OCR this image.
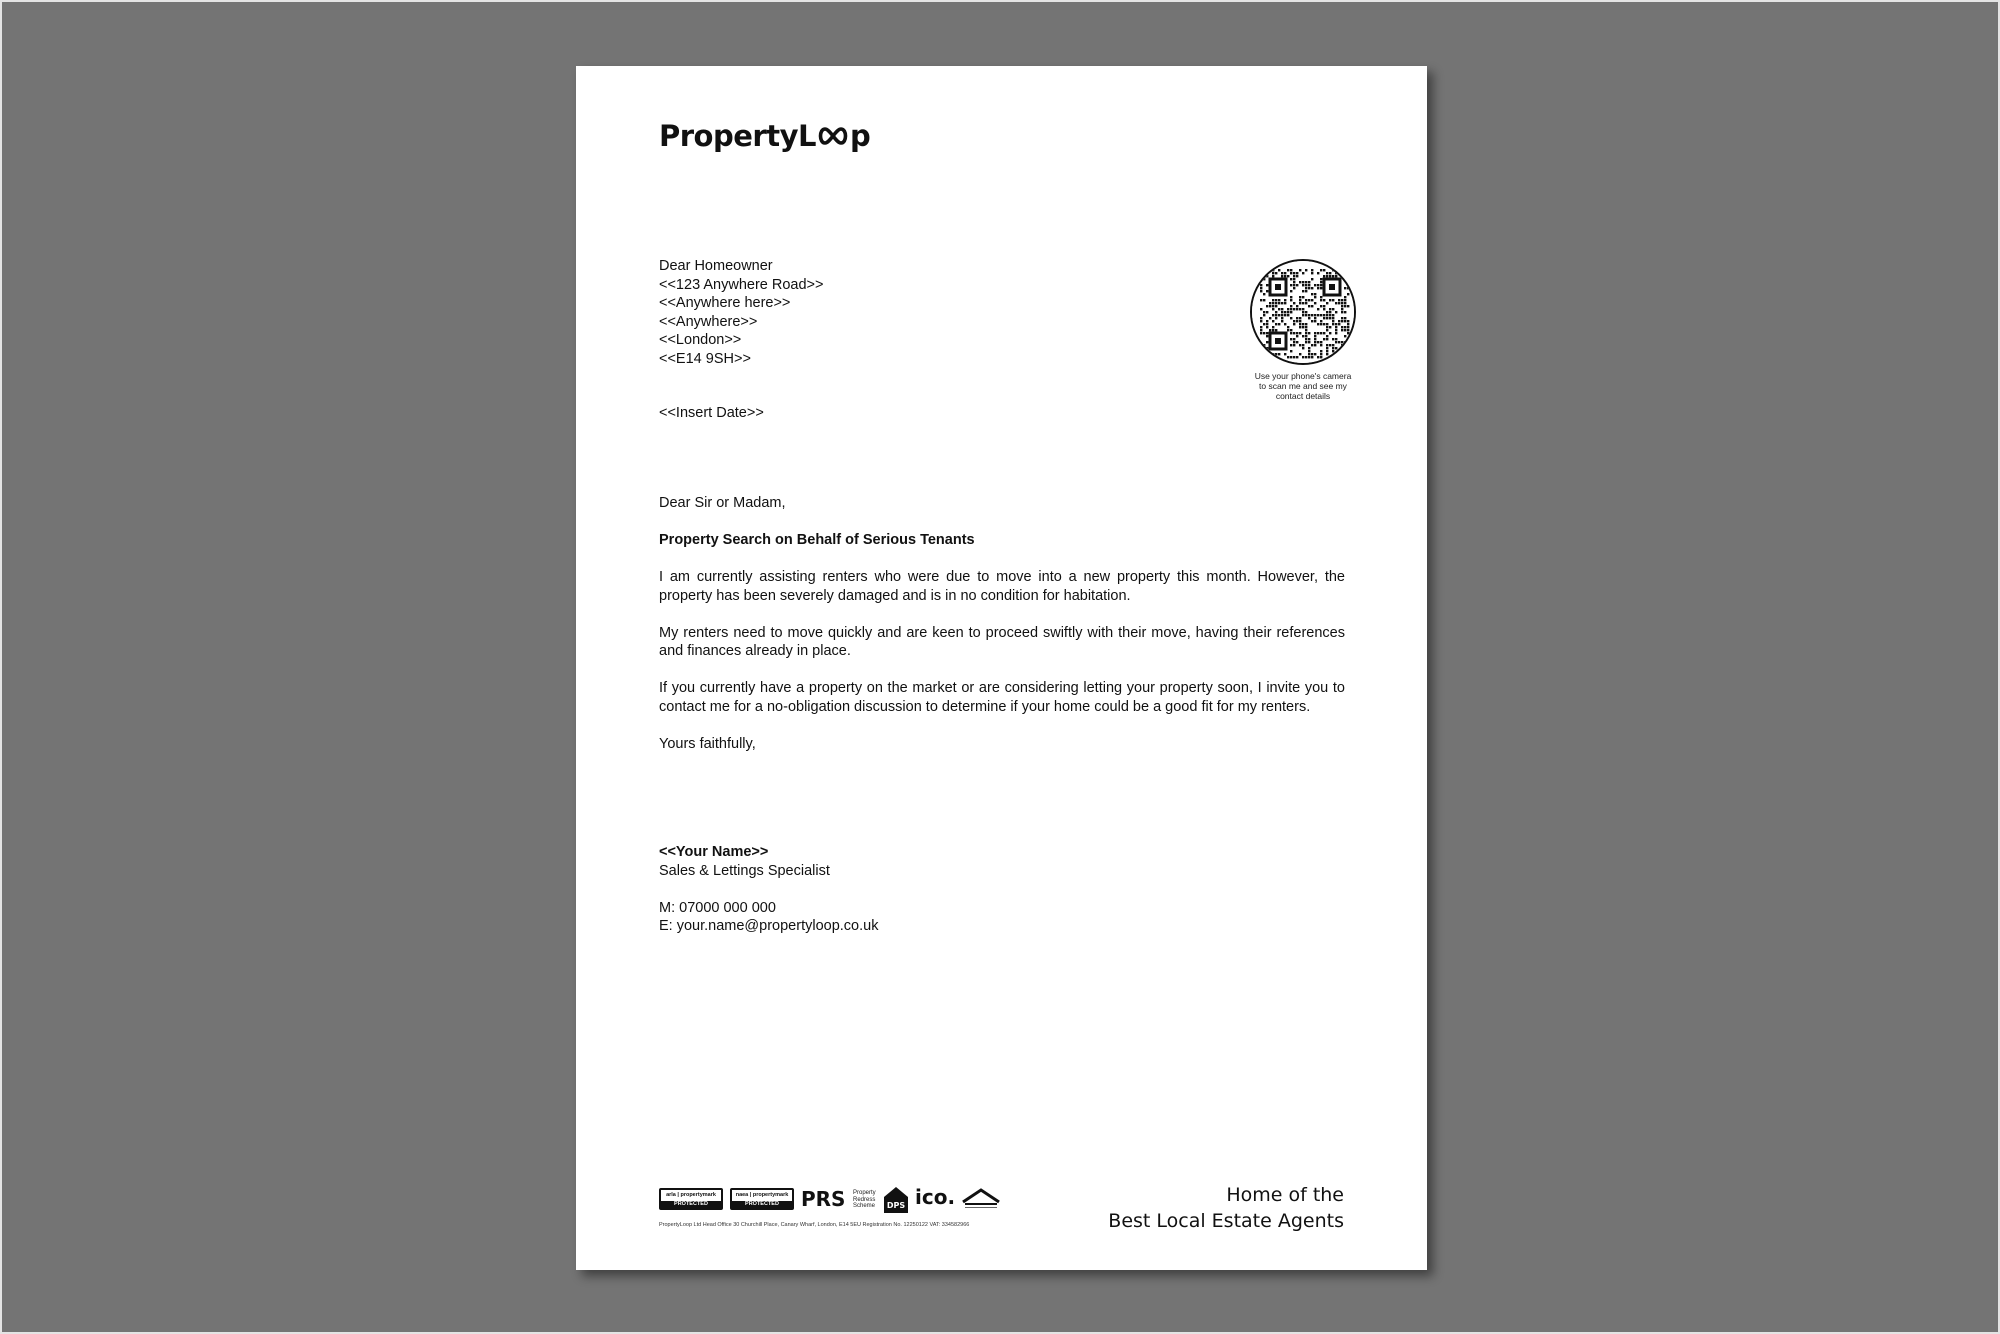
PropertyL p
Dear Homeowner
<<123 Anywhere Road>>
<<Anywhere here>>
<<Anywhere>>
<<London>>
<<E14 9SH>>
<<Insert Date>>
Use your phone's camera
to scan me and see my
contact details

Dear Sir or Madam,

Property Search on Behalf of Serious Tenants

I am currently assisting renters who were due to move into a new property this month. However, the property has been severely damaged and is in no condition for habitation.

My renters need to move quickly and are keen to proceed swiftly with their move, having their references and finances already in place.

If you currently have a property on the market or are considering letting your property soon, I invite you to contact me for a no-obligation discussion to determine if your home could be a good fit for my renters.

Yours faithfully,

<<Your Name>>
Sales & Lettings Specialist
M: 07000 000 000
E: your.name@propertyloop.co.uk
arla | propertymark
PROTECTED
naea | propertymark
PROTECTED	PRS Property
Redress
Scheme DPS ico.
PropertyLoop Ltd Head Office 30 Churchill Place, Canary Wharf, London, E14 5EU Registration No. 12250122 VAT: 334582966
Home of the
Best Local Estate Agents
